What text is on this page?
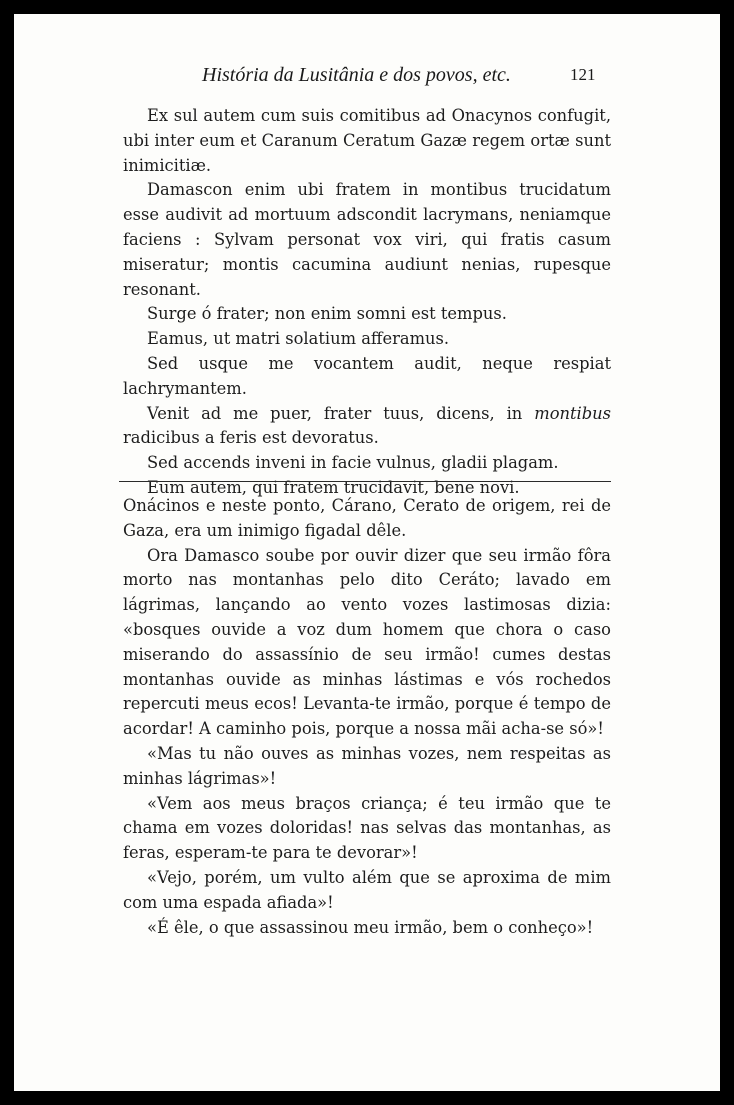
História da Lusitânia e dos povos, etc.	121

Ex sul autem cum suis comitibus ad Onacynos confugit, ubi inter eum et Caranum Ceratum Gazæ regem ortæ sunt inimicitiæ.

Damascon enim ubi fratem in montibus trucidatum esse audivit ad mortuum adscondit lacrymans, neniamque faciens : Sylvam personat vox viri, qui fratis casum miseratur; montis cacumina audiunt nenias, rupesque resonant.

Surge ó frater; non enim somni est tempus.

Eamus, ut matri solatium afferamus.

Sed usque me vocantem audit, neque respiat lachrymantem.

Venit ad me puer, frater tuus, dicens, in montibus radicibus a feris est devoratus.

Sed accends inveni in facie vulnus, gladii plagam.

Eum autem, qui fratem trucidavit, bene novi.

Onácinos e neste ponto, Cárano, Cerato de origem, rei de Gaza, era um inimigo figadal dêle.

Ora Damasco soube por ouvir dizer que seu irmão fôra morto nas montanhas pelo dito Ceráto; lavado em lágrimas, lançando ao vento vozes lastimosas dizia: «bosques ouvide a voz dum homem que chora o caso miserando do assassínio de seu irmão! cumes destas montanhas ouvide as minhas lástimas e vós rochedos repercuti meus ecos! Levanta-te irmão, porque é tempo de acordar! A caminho pois, porque a nossa mãi acha-se só»!

«Mas tu não ouves as minhas vozes, nem respeitas as minhas lágrimas»!

«Vem aos meus braços criança; é teu irmão que te chama em vozes doloridas! nas selvas das montanhas, as feras, esperam-te para te devorar»!

«Vejo, porém, um vulto além que se aproxima de mim com uma espada afiada»!

«É êle, o que assassinou meu irmão, bem o conheço»!
